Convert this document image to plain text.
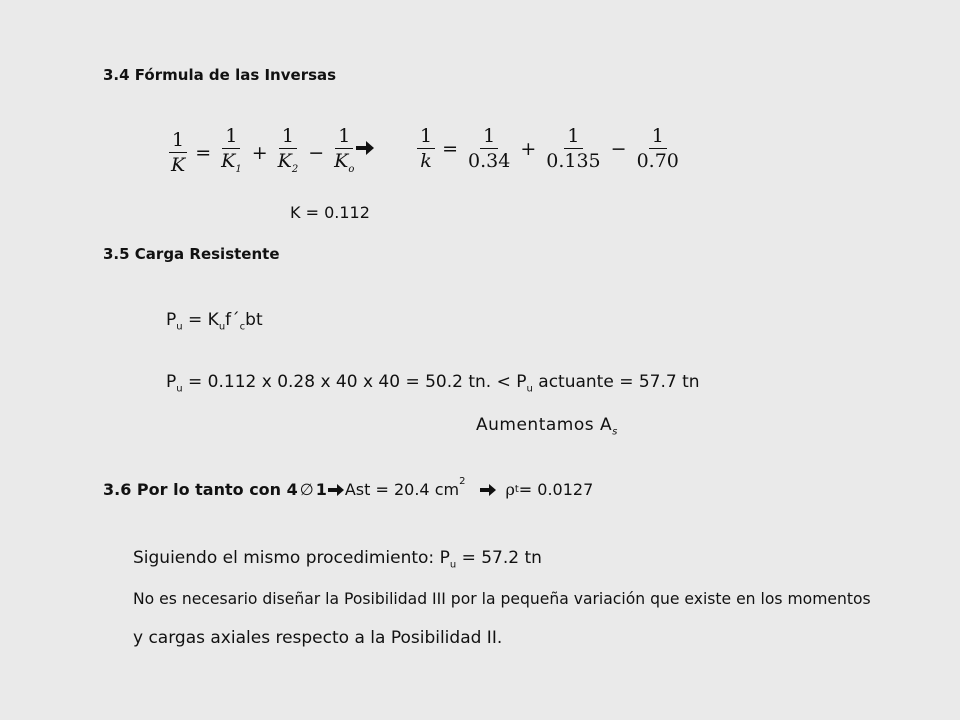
3.4 Fórmula de las Inversas
$\frac{1}{K} = \frac{1}{K_1} + \frac{1}{K_2} - \frac{1}{K_o}$	$\frac{1}{k} = \frac{1}{0.34} + \frac{1}{0.135} - \frac{1}{0.70}$
K = 0.112
3.5 Carga Resistente
$P_u$ = $K_uf´_cbt$
$P_u = 0.112$ x 0.28 x 40 x 40 = 50.2 tn. < $P_u$ actuante = 57.7 tn
Aumentamos $A_s$
3.6 Por lo tanto con 4 ∅ 1 Ast = 20.4 $cm^2$	ρ t = 0.0127
Siguiendo el mismo procedimiento: $P_u = 57.2$ tn
No es necesario diseñar la Posibilidad III por la pequeña variación que existe en los momentos
y cargas axiales respecto a la Posibilidad II.
